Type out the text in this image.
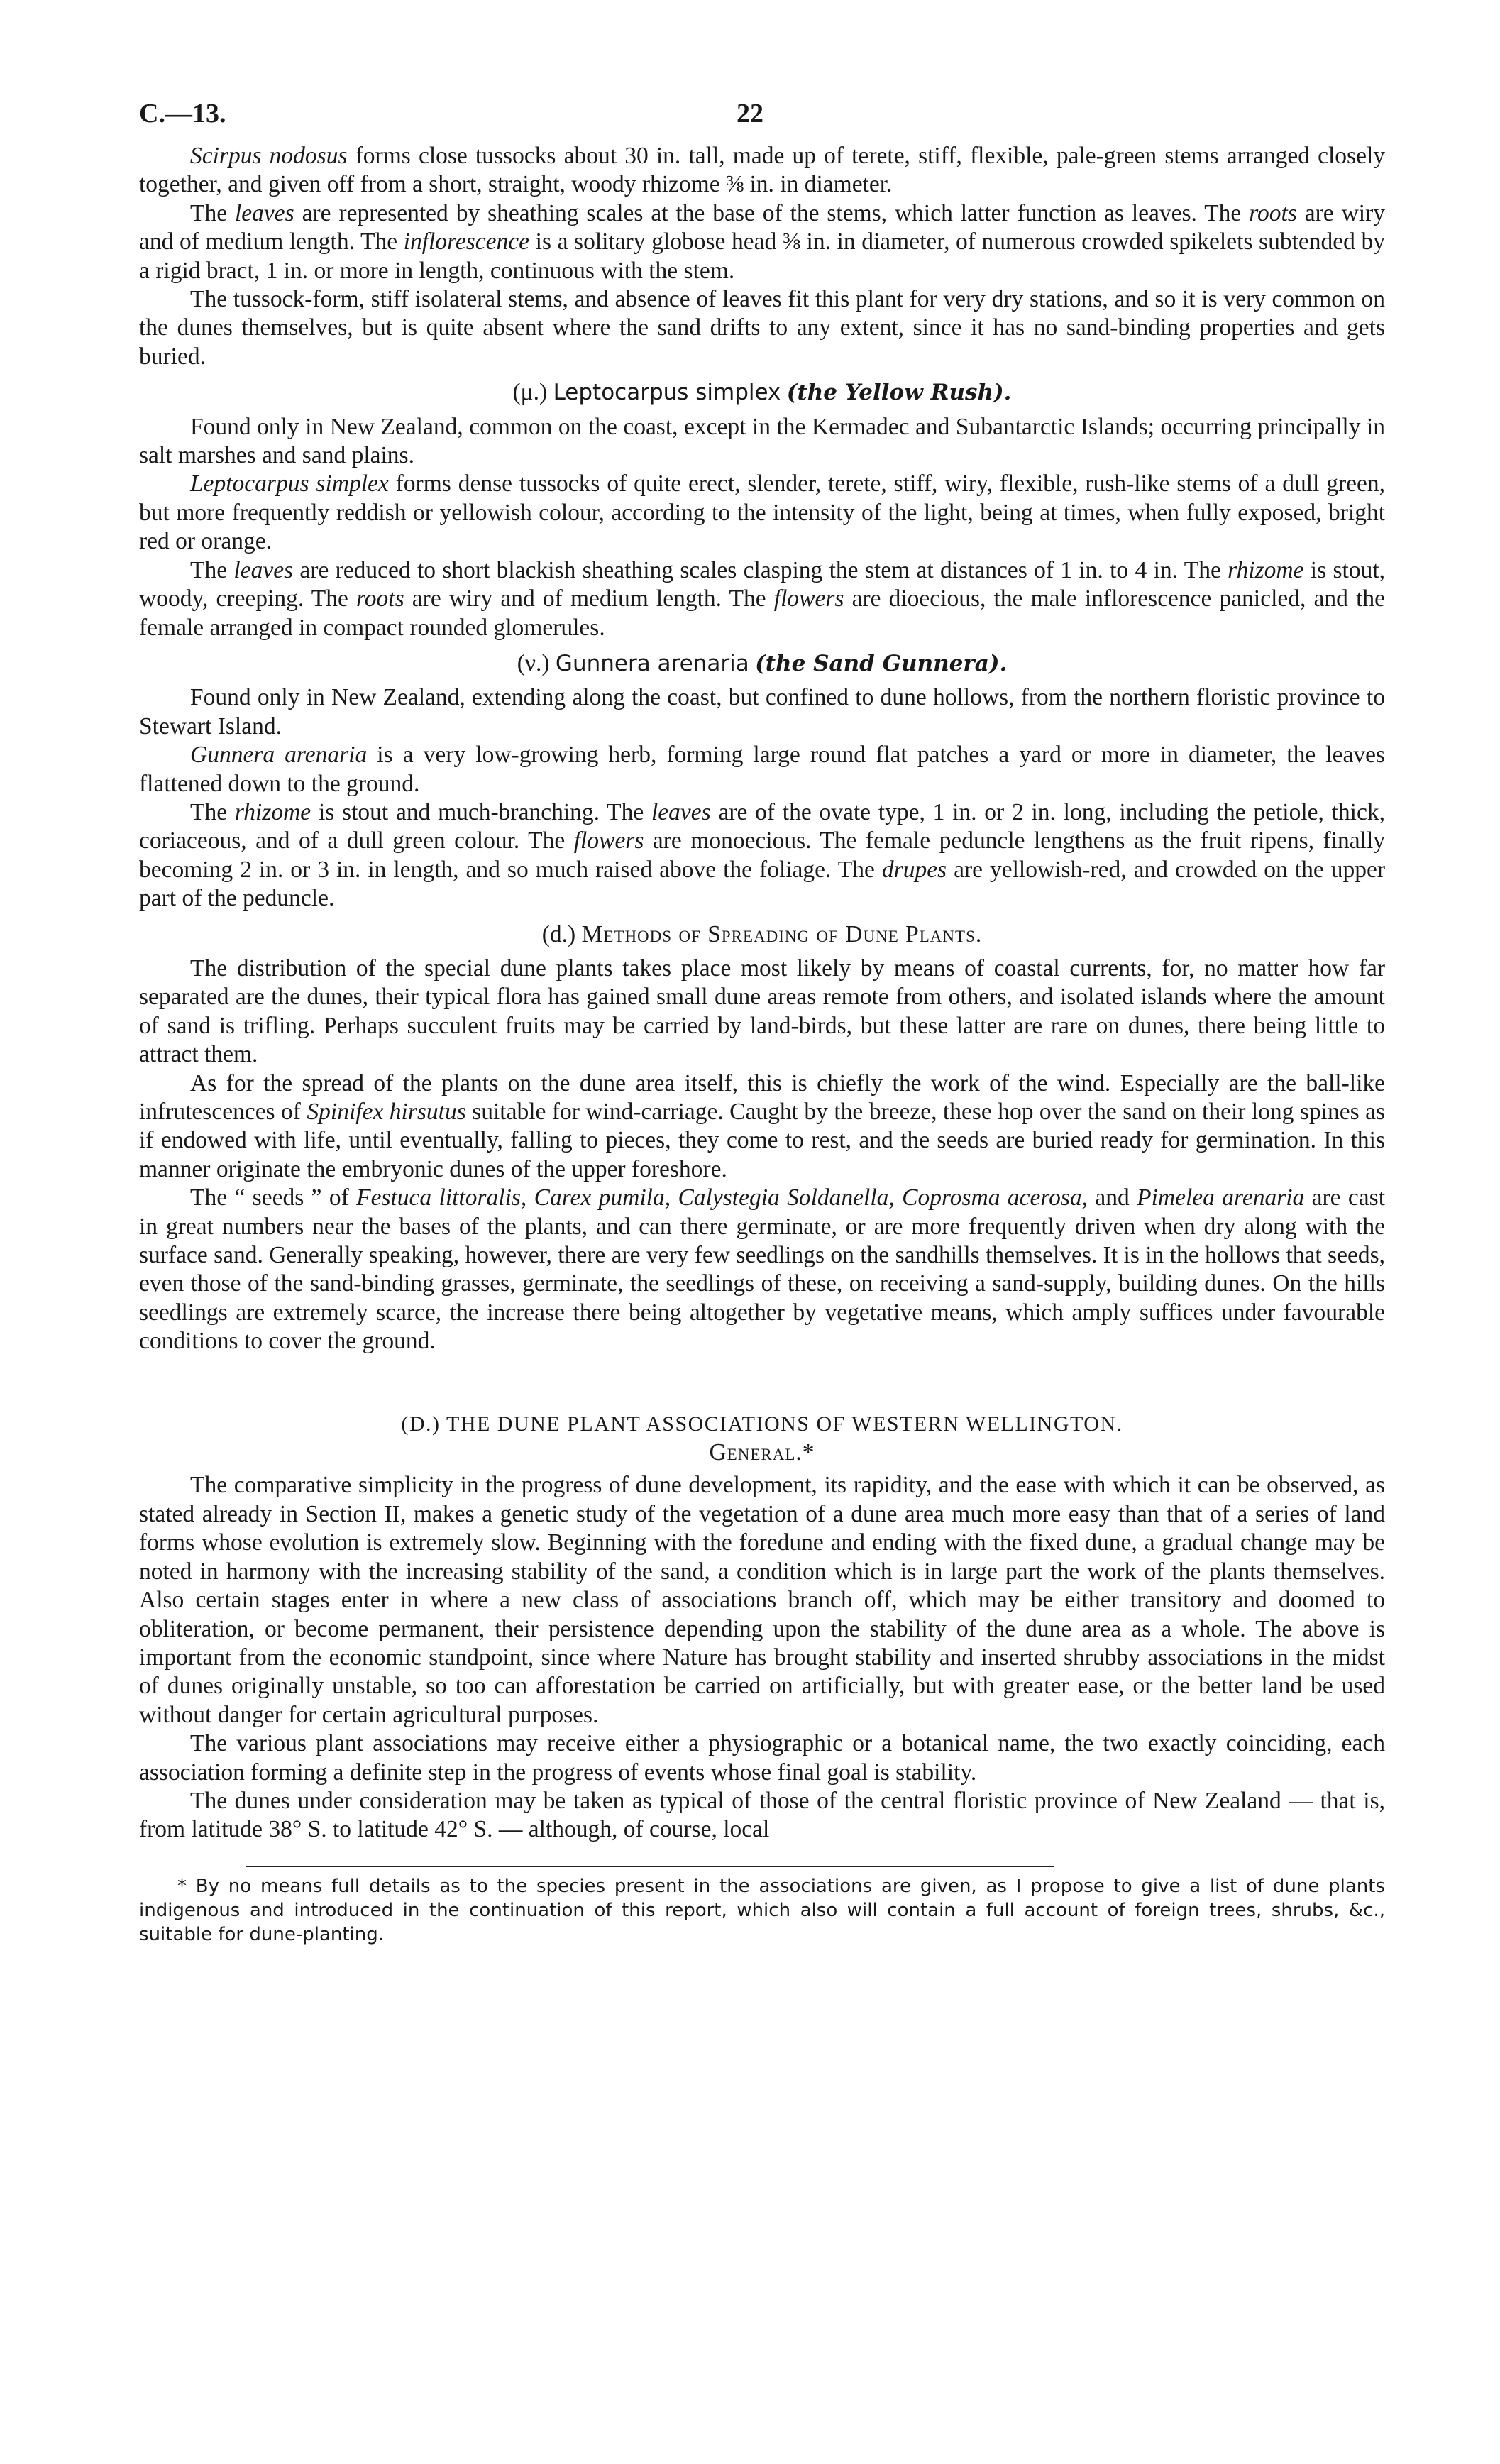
C.—13.	22

Scirpus nodosus forms close tussocks about 30 in. tall, made up of terete, stiff, flexible, pale-green stems arranged closely together, and given off from a short, straight, woody rhizome ⅜ in. in diameter.

The leaves are represented by sheathing scales at the base of the stems, which latter function as leaves. The roots are wiry and of medium length. The inflorescence is a solitary globose head ⅜ in. in diameter, of numerous crowded spikelets subtended by a rigid bract, 1 in. or more in length, continuous with the stem.

The tussock-form, stiff isolateral stems, and absence of leaves fit this plant for very dry stations, and so it is very common on the dunes themselves, but is quite absent where the sand drifts to any extent, since it has no sand-binding properties and gets buried.

(μ.) Leptocarpus simplex (the Yellow Rush).

Found only in New Zealand, common on the coast, except in the Kermadec and Subantarctic Islands; occurring principally in salt marshes and sand plains.

Leptocarpus simplex forms dense tussocks of quite erect, slender, terete, stiff, wiry, flexible, rush-like stems of a dull green, but more frequently reddish or yellowish colour, according to the intensity of the light, being at times, when fully exposed, bright red or orange.

The leaves are reduced to short blackish sheathing scales clasping the stem at distances of 1 in. to 4 in. The rhizome is stout, woody, creeping. The roots are wiry and of medium length. The flowers are dioecious, the male inflorescence panicled, and the female arranged in compact rounded glomerules.

(ν.) Gunnera arenaria (the Sand Gunnera).

Found only in New Zealand, extending along the coast, but confined to dune hollows, from the northern floristic province to Stewart Island.

Gunnera arenaria is a very low-growing herb, forming large round flat patches a yard or more in diameter, the leaves flattened down to the ground.

The rhizome is stout and much-branching. The leaves are of the ovate type, 1 in. or 2 in. long, including the petiole, thick, coriaceous, and of a dull green colour. The flowers are monoecious. The female peduncle lengthens as the fruit ripens, finally becoming 2 in. or 3 in. in length, and so much raised above the foliage. The drupes are yellowish-red, and crowded on the upper part of the peduncle.

(d.) Methods of Spreading of Dune Plants.

The distribution of the special dune plants takes place most likely by means of coastal currents, for, no matter how far separated are the dunes, their typical flora has gained small dune areas remote from others, and isolated islands where the amount of sand is trifling. Perhaps succulent fruits may be carried by land-birds, but these latter are rare on dunes, there being little to attract them.

As for the spread of the plants on the dune area itself, this is chiefly the work of the wind. Especially are the ball-like infrutescences of Spinifex hirsutus suitable for wind-carriage. Caught by the breeze, these hop over the sand on their long spines as if endowed with life, until eventually, falling to pieces, they come to rest, and the seeds are buried ready for germination. In this manner originate the embryonic dunes of the upper foreshore.

The “ seeds ” of Festuca littoralis, Carex pumila, Calystegia Soldanella, Coprosma acerosa, and Pimelea arenaria are cast in great numbers near the bases of the plants, and can there germinate, or are more frequently driven when dry along with the surface sand. Generally speaking, however, there are very few seedlings on the sandhills themselves. It is in the hollows that seeds, even those of the sand-binding grasses, germinate, the seedlings of these, on receiving a sand-supply, building dunes. On the hills seedlings are extremely scarce, the increase there being altogether by vegetative means, which amply suffices under favourable conditions to cover the ground.

(D.) THE DUNE PLANT ASSOCIATIONS OF WESTERN WELLINGTON.
General.*

The comparative simplicity in the progress of dune development, its rapidity, and the ease with which it can be observed, as stated already in Section II, makes a genetic study of the vegetation of a dune area much more easy than that of a series of land forms whose evolution is extremely slow. Beginning with the foredune and ending with the fixed dune, a gradual change may be noted in harmony with the increasing stability of the sand, a condition which is in large part the work of the plants themselves. Also certain stages enter in where a new class of associations branch off, which may be either transitory and doomed to obliteration, or become permanent, their persistence depending upon the stability of the dune area as a whole. The above is important from the economic standpoint, since where Nature has brought stability and inserted shrubby associations in the midst of dunes originally unstable, so too can afforestation be carried on artificially, but with greater ease, or the better land be used without danger for certain agricultural purposes.

The various plant associations may receive either a physiographic or a botanical name, the two exactly coinciding, each association forming a definite step in the progress of events whose final goal is stability.

The dunes under consideration may be taken as typical of those of the central floristic province of New Zealand — that is, from latitude 38° S. to latitude 42° S. — although, of course, local

* By no means full details as to the species present in the associations are given, as I propose to give a list of dune plants indigenous and introduced in the continuation of this report, which also will contain a full account of foreign trees, shrubs, &c., suitable for dune-planting.
